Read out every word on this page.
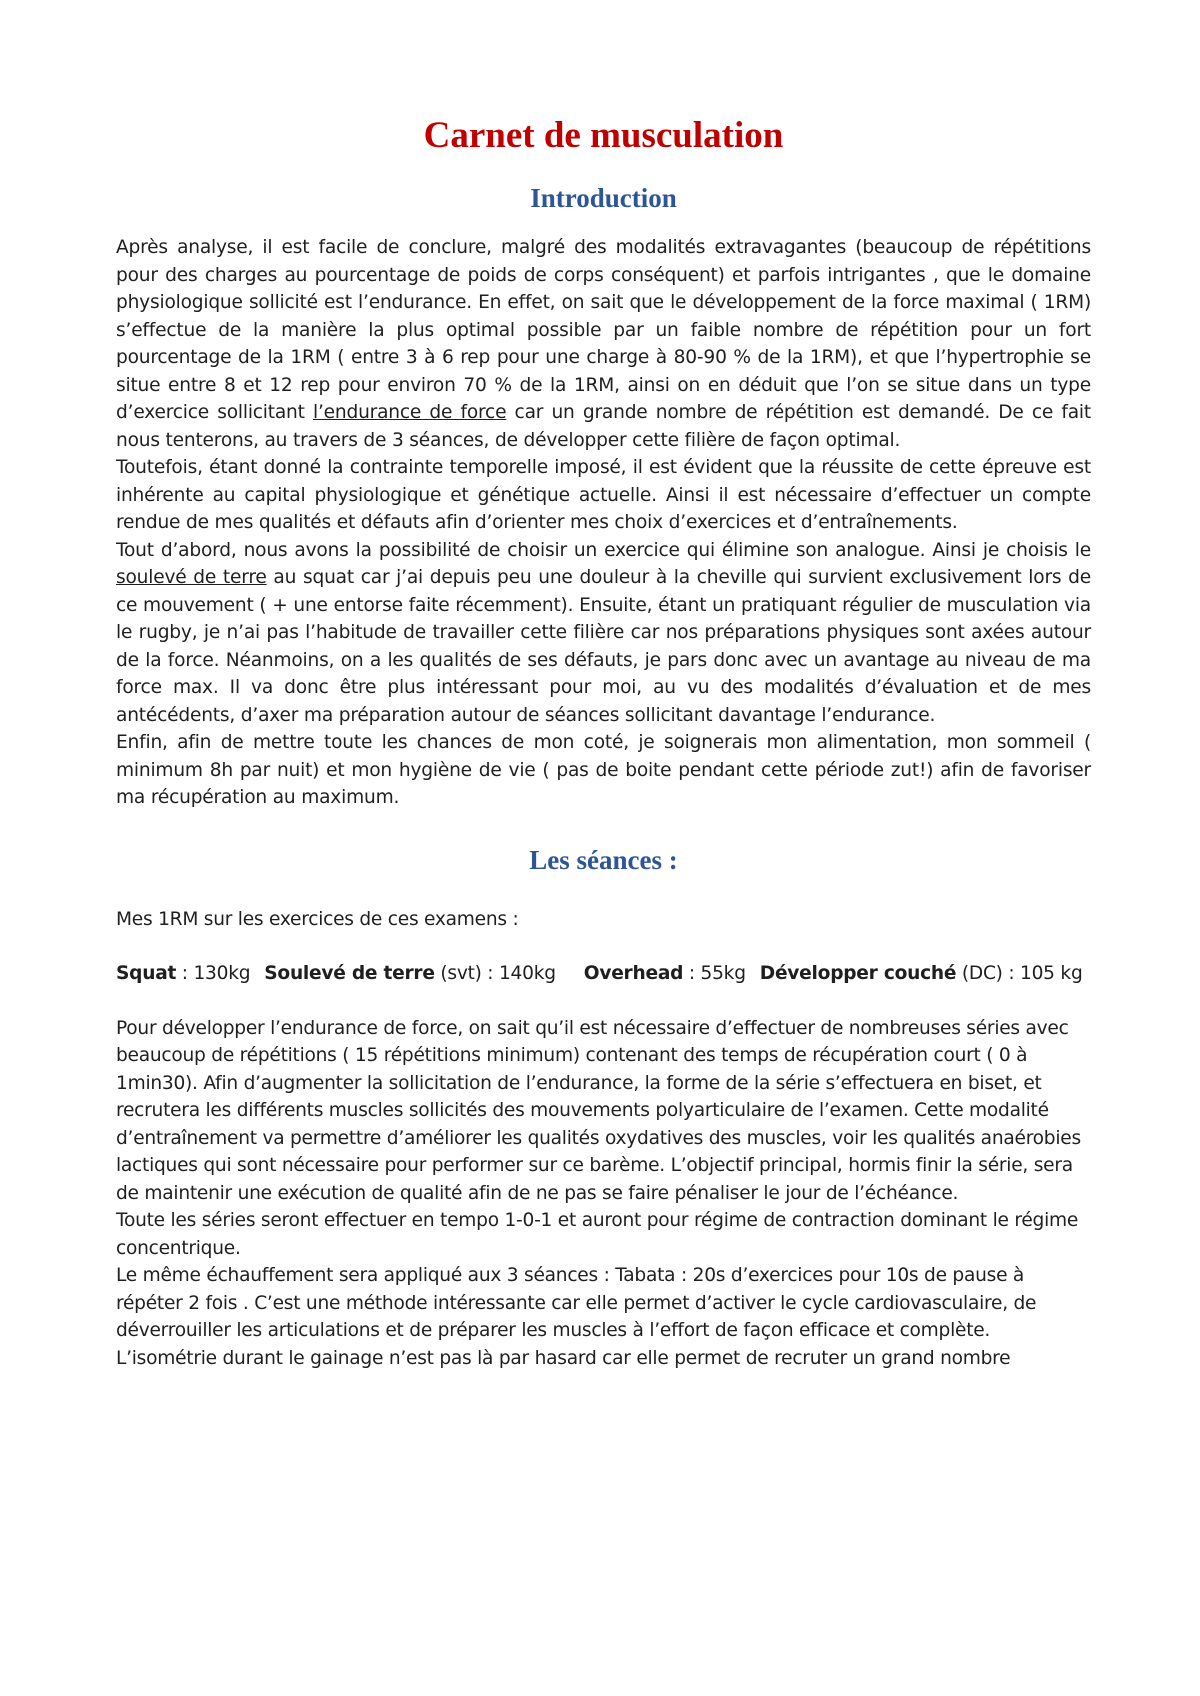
Carnet de musculation
Introduction

Après analyse, il est facile de conclure, malgré des modalités extravagantes (beaucoup de répétitions pour des charges au pourcentage de poids de corps conséquent) et parfois intrigantes , que le domaine physiologique sollicité est l’endurance. En effet, on sait que le développement de la force maximal ( 1RM) s’effectue de la manière la plus optimal possible par un faible nombre de répétition pour un fort pourcentage de la 1RM ( entre 3 à 6 rep pour une charge à 80-90 % de la 1RM), et que l’hypertrophie se situe entre 8 et 12 rep pour environ 70 % de la 1RM, ainsi on en déduit que l’on se situe dans un type d’exercice sollicitant l’endurance de force car un grande nombre de répétition est demandé. De ce fait nous tenterons, au travers de 3 séances, de développer cette filière de façon optimal.

Toutefois, étant donné la contrainte temporelle imposé, il est évident que la réussite de cette épreuve est inhérente au capital physiologique et génétique actuelle. Ainsi il est nécessaire d’effectuer un compte rendue de mes qualités et défauts afin d’orienter mes choix d’exercices et d’entraînements.

Tout d’abord, nous avons la possibilité de choisir un exercice qui élimine son analogue. Ainsi je choisis le soulevé de terre au squat car j’ai depuis peu une douleur à la cheville qui survient exclusivement lors de ce mouvement ( + une entorse faite récemment). Ensuite, étant un pratiquant régulier de musculation via le rugby, je n’ai pas l’habitude de travailler cette filière car nos préparations physiques sont axées autour de la force. Néanmoins, on a les qualités de ses défauts, je pars donc avec un avantage au niveau de ma force max. Il va donc être plus intéressant pour moi, au vu des modalités d’évaluation et de mes antécédents, d’axer ma préparation autour de séances sollicitant davantage l’endurance.

Enfin, afin de mettre toute les chances de mon coté, je soignerais mon alimentation, mon sommeil ( minimum 8h par nuit) et mon hygiène de vie ( pas de boite pendant cette période zut!) afin de favoriser ma récupération au maximum.

Les séances :

Mes 1RM sur les exercices de ces examens :

Squat : 130kg Soulevé de terre (svt) : 140kg Overhead : 55kg Développer couché (DC) : 105 kg

Pour développer l’endurance de force, on sait qu’il est nécessaire d’effectuer de nombreuses séries avec beaucoup de répétitions ( 15 répétitions minimum) contenant des temps de récupération court ( 0 à 1min30). Afin d’augmenter la sollicitation de l’endurance, la forme de la série s’effectuera en biset, et recrutera les différents muscles sollicités des mouvements polyarticulaire de l’examen. Cette modalité d’entraînement va permettre d’améliorer les qualités oxydatives des muscles, voir les qualités anaérobies lactiques qui sont nécessaire pour performer sur ce barème. L’objectif principal, hormis finir la série, sera de maintenir une exécution de qualité afin de ne pas se faire pénaliser le jour de l’échéance.

Toute les séries seront effectuer en tempo 1-0-1 et auront pour régime de contraction dominant le régime concentrique.

Le même échauffement sera appliqué aux 3 séances : Tabata : 20s d’exercices pour 10s de pause à répéter 2 fois . C’est une méthode intéressante car elle permet d’activer le cycle cardiovasculaire, de déverrouiller les articulations et de préparer les muscles à l’effort de façon efficace et complète.

L’isométrie durant le gainage n’est pas là par hasard car elle permet de recruter un grand nombre
